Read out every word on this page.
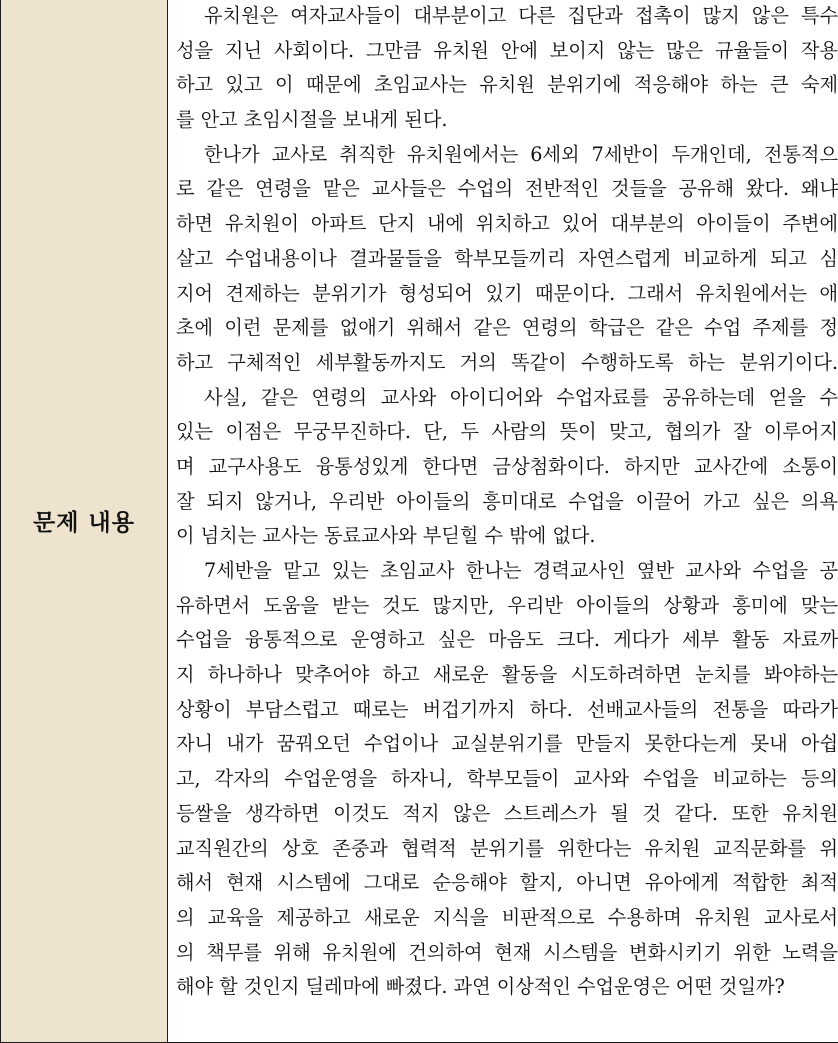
문제 내용	
유치원은 여자교사들이 대부분이고 다른 집단과 접촉이 많지 않은 특수
성을 지닌 사회이다. 그만큼 유치원 안에 보이지 않는 많은 규율들이 작용
하고 있고 이 때문에 초임교사는 유치원 분위기에 적응해야 하는 큰 숙제
를 안고 초임시절을 보내게 된다.
한나가 교사로 취직한 유치원에서는 6세외 7세반이 두개인데, 전통적으
로 같은 연령을 맡은 교사들은 수업의 전반적인 것들을 공유해 왔다. 왜냐
하면 유치원이 아파트 단지 내에 위치하고 있어 대부분의 아이들이 주변에
살고 수업내용이나 결과물들을 학부모들끼리 자연스럽게 비교하게 되고 심
지어 견제하는 분위기가 형성되어 있기 때문이다. 그래서 유치원에서는 애
초에 이런 문제를 없애기 위해서 같은 연령의 학급은 같은 수업 주제를 정
하고 구체적인 세부활동까지도 거의 똑같이 수행하도록 하는 분위기이다.
사실, 같은 연령의 교사와 아이디어와 수업자료를 공유하는데 얻을 수
있는 이점은 무궁무진하다. 단, 두 사람의 뜻이 맞고, 협의가 잘 이루어지
며 교구사용도 융통성있게 한다면 금상첨화이다. 하지만 교사간에 소통이
잘 되지 않거나, 우리반 아이들의 흥미대로 수업을 이끌어 가고 싶은 의욕
이 넘치는 교사는 동료교사와 부딛힐 수 밖에 없다.
7세반을 맡고 있는 초임교사 한나는 경력교사인 옆반 교사와 수업을 공
유하면서 도움을 받는 것도 많지만, 우리반 아이들의 상황과 흥미에 맞는
수업을 융통적으로 운영하고 싶은 마음도 크다. 게다가 세부 활동 자료까
지 하나하나 맞추어야 하고 새로운 활동을 시도하려하면 눈치를 봐야하는
상황이 부담스럽고 때로는 버겁기까지 하다. 선배교사들의 전통을 따라가
자니 내가 꿈꿔오던 수업이나 교실분위기를 만들지 못한다는게 못내 아쉽
고, 각자의 수업운영을 하자니, 학부모들이 교사와 수업을 비교하는 등의
등쌀을 생각하면 이것도 적지 않은 스트레스가 될 것 같다. 또한 유치원
교직원간의 상호 존중과 협력적 분위기를 위한다는 유치원 교직문화를 위
해서 현재 시스템에 그대로 순응해야 할지, 아니면 유아에게 적합한 최적
의 교육을 제공하고 새로운 지식을 비판적으로 수용하며 유치원 교사로서
의 책무를 위해 유치원에 건의하여 현재 시스템을 변화시키기 위한 노력을
해야 할 것인지 딜레마에 빠졌다. 과연 이상적인 수업운영은 어떤 것일까?
